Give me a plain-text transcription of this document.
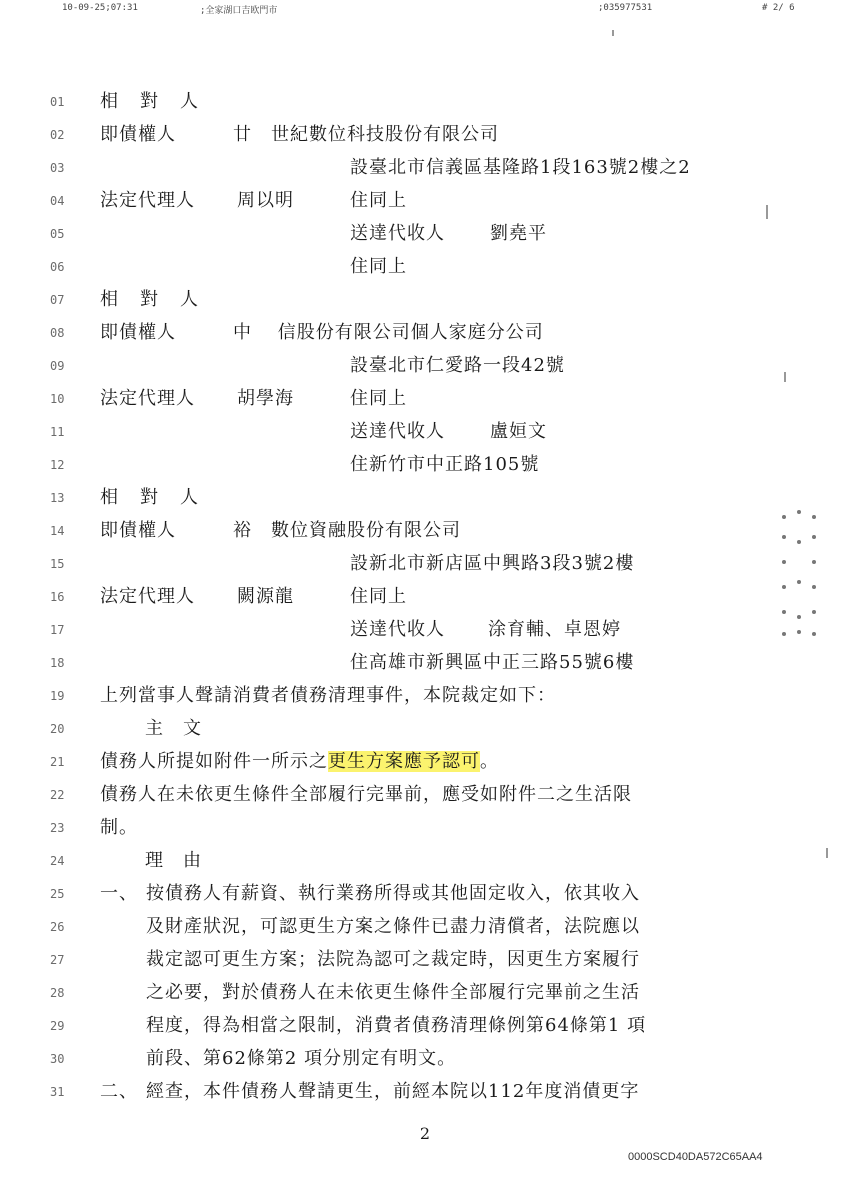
10-09-25;07:31	;全家湖口吉欧門市	;035977531	# 2/ 6
01	相對人
02	即債權人	廿　世紀數位科技股份有限公司
03	設臺北市信義區基隆路1段163號2樓之2
04	法定代理人 周以明	住同上
05	送達代收人	劉堯平
06	住同上
07	相對人
08	即債權人	中　 信股份有限公司個人家庭分公司
09	設臺北市仁愛路一段42號
10	法定代理人 胡學海	住同上
11	送達代收人	盧姮文
12	住新竹市中正路105號
13	相對人
14	即債權人	裕　數位資融股份有限公司
15	設新北市新店區中興路3段3號2樓
16	法定代理人 闕源龍	住同上
17	送達代收人 涂育輔、卓恩婷
18	住高雄市新興區中正三路55號6樓
19	上列當事人聲請消費者債務清理事件，本院裁定如下：
20	主　文
21	債務人所提如附件一所示之更生方案應予認可。
22	債務人在未依更生條件全部履行完畢前，應受如附件二之生活限
23	制。
24	理　由
25	一、 按債務人有薪資、執行業務所得或其他固定收入，依其收入
26	及財產狀況，可認更生方案之條件已盡力清償者，法院應以
27	裁定認可更生方案；法院為認可之裁定時，因更生方案履行
28	之必要，對於債務人在未依更生條件全部履行完畢前之生活
29	程度，得為相當之限制，消費者債務清理條例第64條第1 項
30	前段、第62條第2 項分別定有明文。
31	二、 經查，本件債務人聲請更生，前經本院以112年度消債更字
2
0000SCD40DA572C65AA4
